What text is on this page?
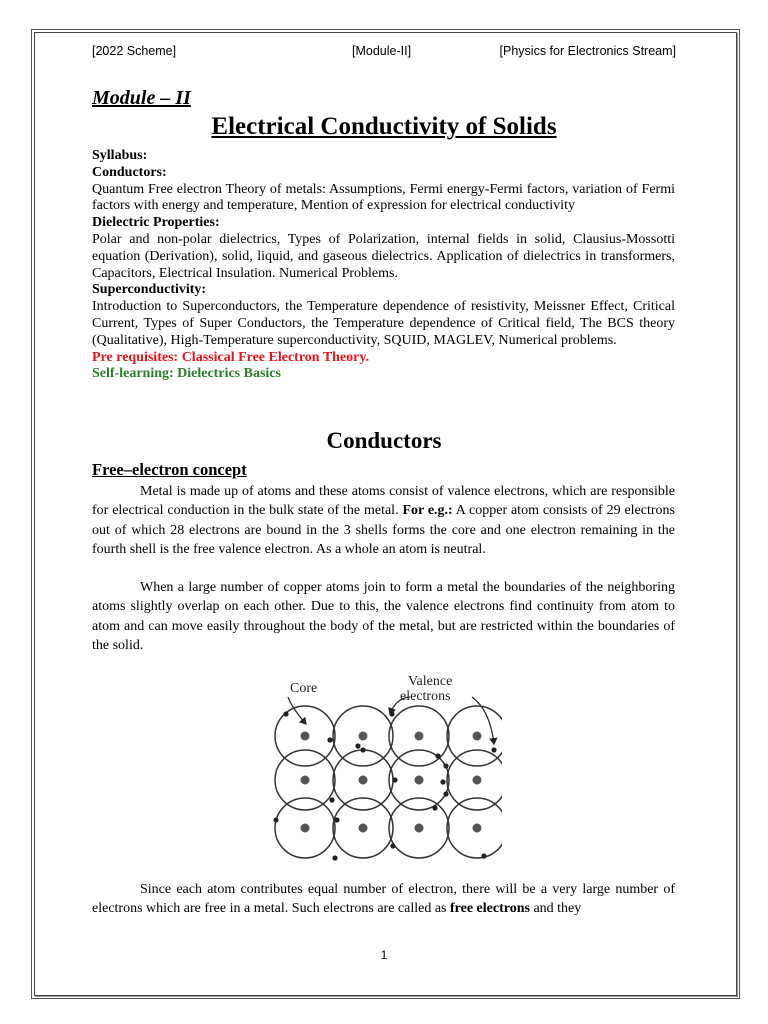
[2022 Scheme]	[Module-II]	[Physics for Electronics Stream]
Module – II
Electrical Conductivity of Solids
Syllabus:
Conductors:
Quantum Free electron Theory of metals: Assumptions, Fermi energy-Fermi factors, variation of Fermi factors with energy and temperature, Mention of expression for electrical conductivity
Dielectric Properties:
Polar and non-polar dielectrics, Types of Polarization, internal fields in solid, Clausius-Mossotti equation (Derivation), solid, liquid, and gaseous dielectrics. Application of dielectrics in transformers, Capacitors, Electrical Insulation. Numerical Problems.
Superconductivity:
Introduction to Superconductors, the Temperature dependence of resistivity, Meissner Effect, Critical Current, Types of Super Conductors, the Temperature dependence of Critical field, The BCS theory (Qualitative), High-Temperature superconductivity, SQUID, MAGLEV, Numerical problems.
Pre requisites: Classical Free Electron Theory.
Self-learning: Dielectrics Basics
Conductors
Free–electron concept
Metal is made up of atoms and these atoms consist of valence electrons, which are responsible for electrical conduction in the bulk state of the metal. For e.g.: A copper atom consists of 29 electrons out of which 28 electrons are bound in the 3 shells forms the core and one electron remaining in the fourth shell is the free valence electron. As a whole an atom is neutral.
When a large number of copper atoms join to form a metal the boundaries of the neighboring atoms slightly overlap on each other. Due to this, the valence electrons find continuity from atom to atom and can move easily throughout the body of the metal, but are restricted within the boundaries of the solid.
Core	Valence
electrons
Since each atom contributes equal number of electron, there will be a very large number of electrons which are free in a metal. Such electrons are called as free electrons and they
1
